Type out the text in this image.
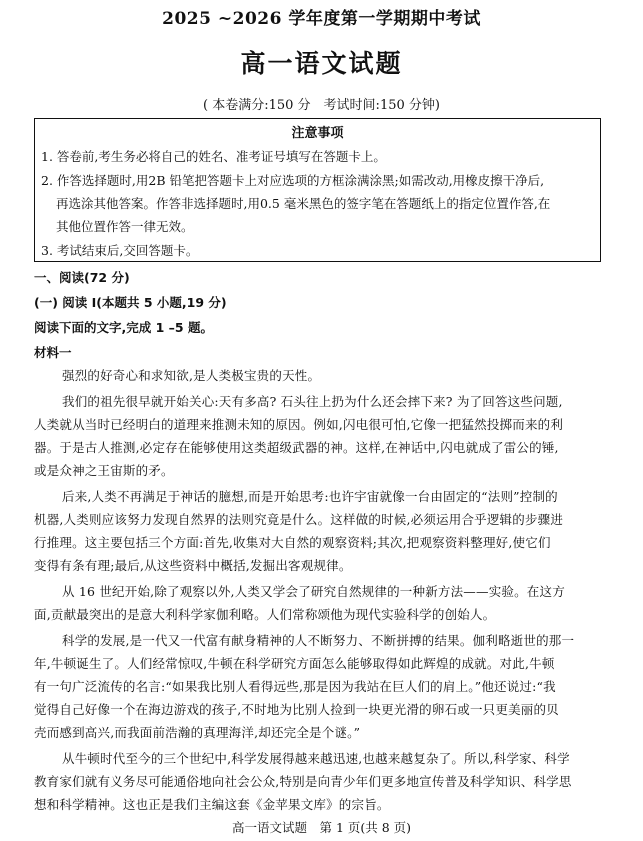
2025 ~2026 学年度第一学期期中考试
高一语文试题
( 本卷满分:150 分　考试时间:150 分钟)
注意事项
1. 答卷前,考生务必将自己的姓名、准考证号填写在答题卡上。
2. 作答选择题时,用2B 铅笔把答题卡上对应选项的方框涂满涂黑;如需改动,用橡皮擦干净后,
再选涂其他答案。作答非选择题时,用0.5 毫米黑色的签字笔在答题纸上的指定位置作答,在
其他位置作答一律无效。
3. 考试结束后,交回答题卡。
一、阅读(72 分)
(一) 阅读 Ⅰ(本题共 5 小题,19 分)
阅读下面的文字,完成 1 –5 题。
材料一
强烈的好奇心和求知欲,是人类极宝贵的天性。
我们的祖先很早就开始关心:天有多高? 石头往上扔为什么还会摔下来? 为了回答这些问题,
人类就从当时已经明白的道理来推测未知的原因。例如,闪电很可怕,它像一把猛然投掷而来的利
器。于是古人推测,必定存在能够使用这类超级武器的神。这样,在神话中,闪电就成了雷公的锤,
或是众神之王宙斯的矛。
后来,人类不再满足于神话的臆想,而是开始思考:也许宇宙就像一台由固定的“法则”控制的
机器,人类则应该努力发现自然界的法则究竟是什么。这样做的时候,必须运用合乎逻辑的步骤进
行推理。这主要包括三个方面:首先,收集对大自然的观察资料;其次,把观察资料整理好,使它们
变得有条有理;最后,从这些资料中概括,发掘出客观规律。
从 16 世纪开始,除了观察以外,人类又学会了研究自然规律的一种新方法——实验。在这方
面,贡献最突出的是意大利科学家伽利略。人们常称颂他为现代实验科学的创始人。
科学的发展,是一代又一代富有献身精神的人不断努力、不断拼搏的结果。伽利略逝世的那一
年,牛顿诞生了。人们经常惊叹,牛顿在科学研究方面怎么能够取得如此辉煌的成就。对此,牛顿
有一句广泛流传的名言:“如果我比别人看得远些,那是因为我站在巨人们的肩上。”他还说过:“我
觉得自己好像一个在海边游戏的孩子,不时地为比别人捡到一块更光滑的卵石或一只更美丽的贝
壳而感到高兴,而我面前浩瀚的真理海洋,却还完全是个谜。”
从牛顿时代至今的三个世纪中,科学发展得越来越迅速,也越来越复杂了。所以,科学家、科学
教育家们就有义务尽可能通俗地向社会公众,特别是向青少年们更多地宣传普及科学知识、科学思
想和科学精神。这也正是我们主编这套《金苹果文库》的宗旨。
高一语文试题　第 1 页(共 8 页)
